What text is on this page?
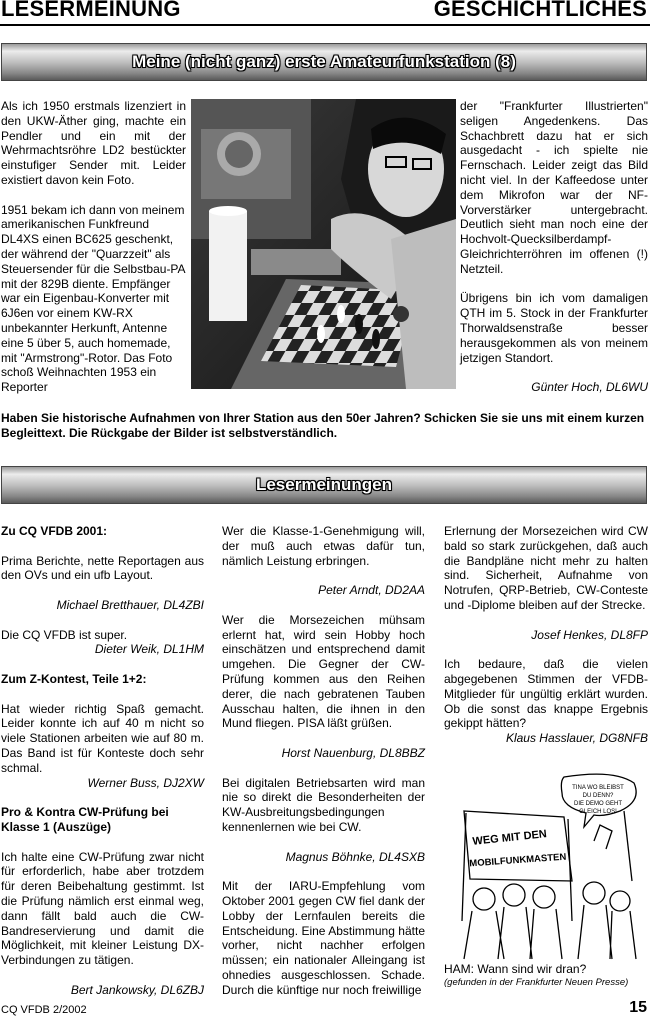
LESERMEINUNG	GESCHICHTLICHES
Meine (nicht ganz) erste Amateurfunkstation (8)

Als ich 1950 erstmals lizenziert in den UKW-Äther ging, machte ein Pendler und ein mit der Wehrmachtsröhre LD2 bestückter einstufiger Sender mit. Leider existiert davon kein Foto.

1951 bekam ich dann von meinem amerikanischen Funkfreund DL4XS einen BC625 geschenkt, der während der "Quarzzeit" als Steuersender für die Selbstbau-PA mit der 829B diente. Empfänger war ein Eigenbau-Konverter mit 6J6en vor einem KW-RX unbekannter Herkunft, Antenne eine 5 über 5, auch homemade, mit "Armstrong"-Rotor. Das Foto schoß Weihnachten 1953 ein Reporter

der "Frankfurter Illustrierten" seligen Angedenkens. Das Schachbrett dazu hat er sich ausgedacht - ich spielte nie Fernschach. Leider zeigt das Bild nicht viel. In der Kaffeedose unter dem Mikrofon war der NF-Vorverstärker untergebracht. Deutlich sieht man noch eine der Hochvolt-Quecksilberdampf-Gleichrichterröhren im offenen (!) Netzteil.

Übrigens bin ich vom damaligen QTH im 5. Stock in der Frankfurter Thorwaldsenstraße besser herausgekommen als von meinem jetzigen Standort.

Günter Hoch, DL6WU

Haben Sie historische Aufnahmen von Ihrer Station aus den 50er Jahren? Schicken Sie sie uns mit einem kurzen Begleittext. Die Rückgabe der Bilder ist selbstverständlich.
Lesermeinungen
Zu CQ VFDB 2001:

Prima Berichte, nette Reportagen aus den OVs und ein ufb Layout.

Michael Bretthauer, DL4ZBI

Die CQ VFDB ist super.

Dieter Weik, DL1HM

Zum Z-Kontest, Teile 1+2:

Hat wieder richtig Spaß gemacht. Leider konnte ich auf 40 m nicht so viele Stationen arbeiten wie auf 80 m. Das Band ist für Konteste doch sehr schmal.

Werner Buss, DJ2XW

Pro & Kontra CW-Prüfung bei Klasse 1 (Auszüge)

Ich halte eine CW-Prüfung zwar nicht für erforderlich, habe aber trotzdem für deren Beibehaltung gestimmt. Ist die Prüfung nämlich erst einmal weg, dann fällt bald auch die CW-Bandreservierung und damit die Möglichkeit, mit kleiner Leistung DX-Verbindungen zu tätigen.

Bert Jankowsky, DL6ZBJ

Wer die Klasse-1-Genehmigung will, der muß auch etwas dafür tun, nämlich Leistung erbringen.

Peter Arndt, DD2AA

Wer die Morsezeichen mühsam erlernt hat, wird sein Hobby hoch einschätzen und entsprechend damit umgehen. Die Gegner der CW-Prüfung kommen aus den Reihen derer, die nach gebratenen Tauben Ausschau halten, die ihnen in den Mund fliegen. PISA läßt grüßen.

Horst Nauenburg, DL8BBZ

Bei digitalen Betriebsarten wird man nie so direkt die Besonderheiten der KW-Ausbreitungsbedingungen kennenlernen wie bei CW.

Magnus Böhnke, DL4SXB

Mit der IARU-Empfehlung vom Oktober 2001 gegen CW fiel dank der Lobby der Lernfaulen bereits die Entscheidung. Eine Abstimmung hätte vorher, nicht nachher erfolgen müssen; ein nationaler Alleingang ist ohnedies ausgeschlossen. Schade. Durch die künftige nur noch freiwillige

Erlernung der Morsezeichen wird CW bald so stark zurückgehen, daß auch die Bandpläne nicht mehr zu halten sind. Sicherheit, Aufnahme von Notrufen, QRP-Betrieb, CW-Conteste und -Diplome bleiben auf der Strecke.

Josef Henkes, DL8FP

Ich bedaure, daß die vielen abgegebenen Stimmen der VFDB-Mitglieder für ungültig erklärt wurden. Ob die sonst das knappe Ergebnis gekippt hätten?

Klaus Hasslauer, DG8NFB

WEG MIT DEN
MOBILFUNKMASTEN
TINA WO BLEIBST
DU DENN?
DIE DEMO GEHT
GLEICH LOS!
HAM: Wann sind wir dran?
(gefunden in der Frankfurter Neuen Presse)
CQ VFDB 2/2002	15
